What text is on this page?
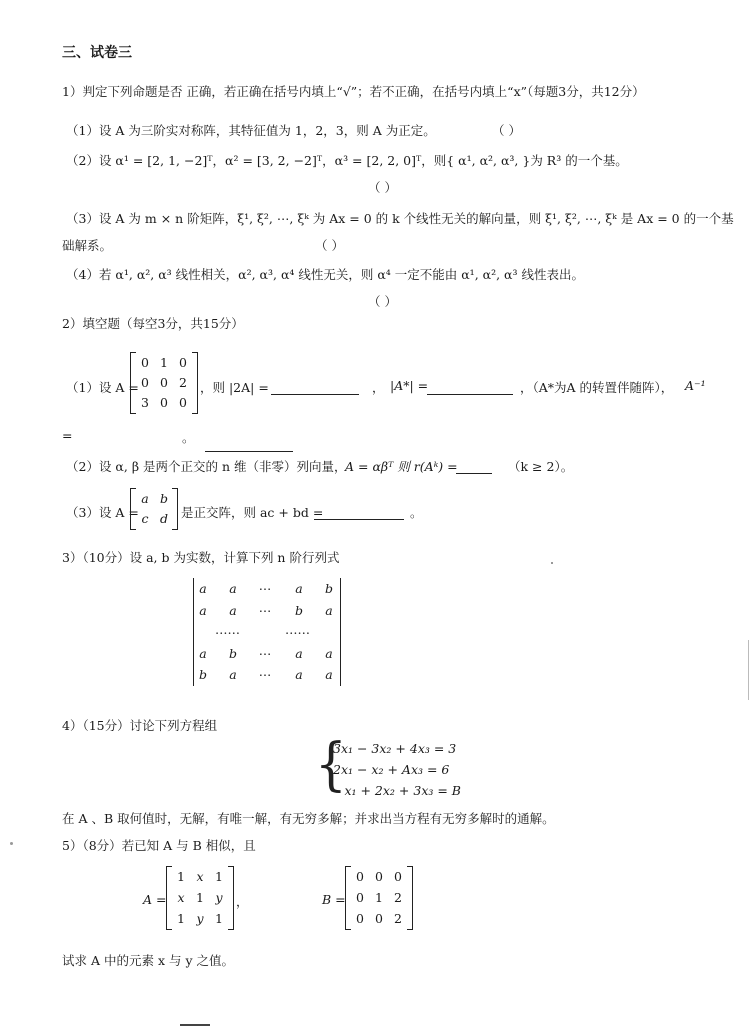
三、试卷三
1）判定下列命题是否 正确，若正确在括号内填上“√”；若不正确，在括号内填上“x”（每题3分，共12分）
（1）设 A 为三阶实对称阵，其特征值为 1，2，3，则 A 为正定。	（ ）
（2）设 α¹ = [2, 1, −2]ᵀ，α² = [3, 2, −2]ᵀ，α³ = [2, 2, 0]ᵀ，则{ α¹, α², α³, }为 R³ 的一个基。
（ ）
（3）设 A 为 m × n 阶矩阵，ξ¹, ξ², ⋯, ξᵏ 为 Ax = 0 的 k 个线性无关的解向量，则 ξ¹, ξ², ⋯, ξᵏ 是 Ax = 0 的一个基
础解系。	（ ）
（4）若 α¹, α², α³ 线性相关，α², α³, α⁴ 线性无关，则 α⁴ 一定不能由 α¹, α², α³ 线性表出。
（ ）
2）填空题（每空3分，共15分）
（1）设 A =
0 1 0
0 0 2
3 0 0
，则 |2A| =	， |A*| =	，（A*为A 的转置伴随阵）， A⁻¹
=	。
（2）设 α, β 是两个正交的 n 维（非零）列向量，
A = αβᵀ 则 r(Aᵏ) =	（k ≥ 2）。
（3）设 A =
a b
c d 是正交阵，则 ac + bd =	。
3）（10分）设 a, b 为实数，计算下列 n 阶行列式
a	a	⋯	a	b
a	a	⋯	b	a
……	……
a	b	⋯	a	a
b	a	⋯	a	a
4）（15分）讨论下列方程组
{
3x₁ − 3x₂ + 4x₃ = 3
2x₁ − x₂ + Ax₃ = 6
− x₁ + 2x₂ + 3x₃ = B
在 A 、B 取何值时，无解，有唯一解，有无穷多解；并求出当方程有无穷多解时的通解。
5）（8分）若已知 A 与 B 相似，且
A =
1 x 1
x 1 y
1 y 1
，	B =
0 0 0
0 1 2
0 0 2
试求 A 中的元素 x 与 y 之值。
